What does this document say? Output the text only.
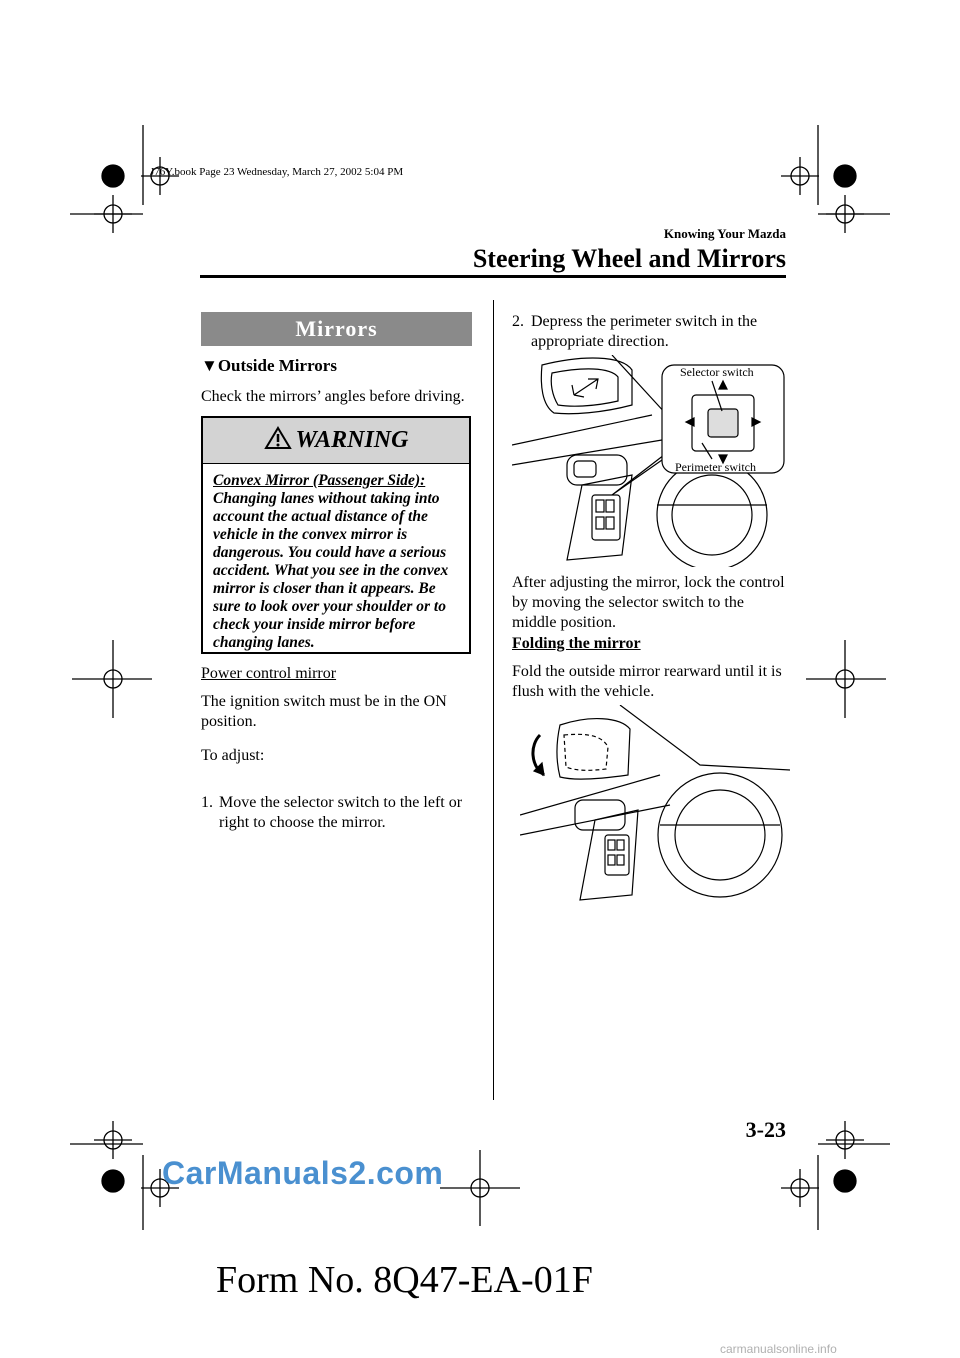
J76Y.book Page 23 Wednesday, March 27, 2002 5:04 PM
Knowing Your Mazda
Steering Wheel and Mirrors
Mirrors
▼Outside Mirrors
Check the mirrors’ angles before driving.
WARNING
Convex Mirror (Passenger Side):
Changing lanes without taking into account the actual distance of the vehicle in the convex mirror is dangerous. You could have a serious accident. What you see in the convex mirror is closer than it appears. Be sure to look over your shoulder or to check your inside mirror before changing lanes.
Power control mirror
The ignition switch must be in the ON position.
To adjust:
1. Move the selector switch to the left or right to choose the mirror.
2. Depress the perimeter switch in the appropriate direction.
Selector switch
Perimeter switch
After adjusting the mirror, lock the control by moving the selector switch to the middle position.
Folding the mirror
Fold the outside mirror rearward until it is flush with the vehicle.
3-23
CarManuals2.com
Form No. 8Q47-EA-01F
carmanualsonline.info
